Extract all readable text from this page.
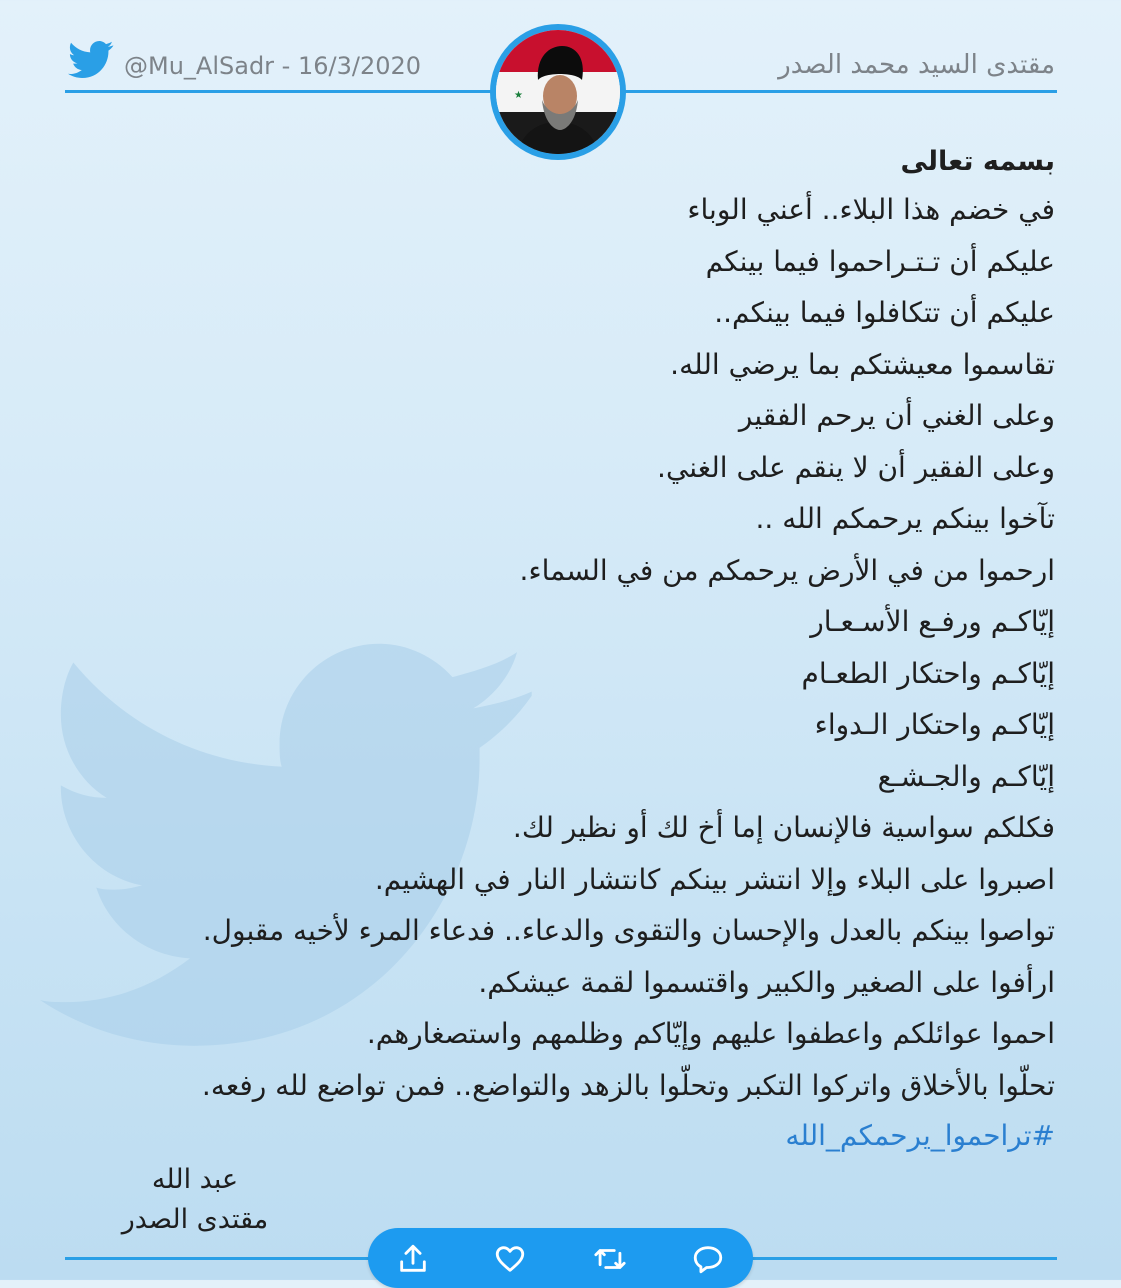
@Mu_AlSadr - 16/3/2020	مقتدى السيد محمد الصدر
★
بسمه تعالى
في خضم هذا البلاء.. أعني الوباء
عليكم أن تـتـراحموا فيما بينكم
عليكم أن تتكافلوا فيما بينكم..
تقاسموا معيشتكم بما يرضي الله.
وعلى الغني أن يرحم الفقير
وعلى الفقير أن لا ينقم على الغني.
تآخوا بينكم يرحمكم الله ..
ارحموا من في الأرض يرحمكم من في السماء.
إيّاكـم ورفـع الأسـعـار
إيّاكـم واحتكار الطعـام
إيّاكـم واحتكار الـدواء
إيّاكـم والجـشـع
فكلكم سواسية فالإنسان إما أخ لك أو نظير لك.
اصبروا على البلاء وإلا انتشر بينكم كانتشار النار في الهشيم.
تواصوا بينكم بالعدل والإحسان والتقوى والدعاء.. فدعاء المرء لأخيه مقبول.
ارأفوا على الصغير والكبير واقتسموا لقمة عيشكم.
احموا عوائلكم واعطفوا عليهم وإيّاكم وظلمهم واستصغارهم.
تحلّوا بالأخلاق واتركوا التكبر وتحلّوا بالزهد والتواضع.. فمن تواضع لله رفعه.
#تراحموا_يرحمكم_الله
عبد الله
مقتدى الصدر
